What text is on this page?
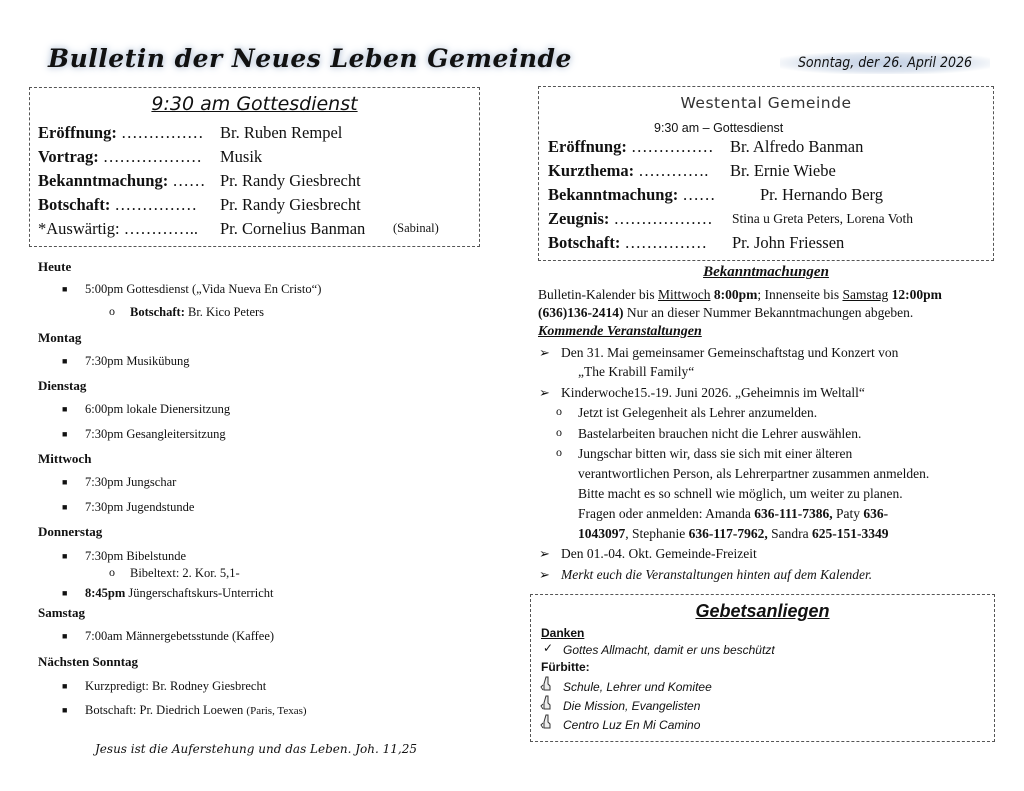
Bulletin der Neues Leben Gemeinde	Sonntag, der 26. April 2026
9:30 am Gottesdienst
Eröffnung: …………… Br. Ruben Rempel
Vortrag: ……………… Musik
Bekanntmachung: …… Pr. Randy Giesbrecht
Botschaft: …………… Pr. Randy Giesbrecht
*Auswärtig: ………….. Pr. Cornelius Banman (Sabinal)
Westental Gemeinde
9:30 am – Gottesdienst
Eröffnung: …………… Br. Alfredo Banman
Kurzthema: …………. Br. Ernie Wiebe
Bekanntmachung: ……	Pr. Hernando Berg
Zeugnis: ……………… Stina u Greta Peters, Lorena Voth
Botschaft: …………… Pr. John Friessen
Heute
■ 5:00pm Gottesdienst („Vida Nueva En Cristo“)
o Botschaft: Br. Kico Peters
Montag
■ 7:30pm Musikübung
Dienstag
■ 6:00pm lokale Dienersitzung
■ 7:30pm Gesangleitersitzung
Mittwoch
■ 7:30pm Jungschar
■ 7:30pm Jugendstunde
Donnerstag
■ 7:30pm Bibelstunde
o Bibeltext: 2. Kor. 5,1-
■ 8:45pm Jüngerschaftskurs-Unterricht
Samstag
■ 7:00am Männergebetsstunde (Kaffee)
Nächsten Sonntag
■ Kurzpredigt: Br. Rodney Giesbrecht
■ Botschaft: Pr. Diedrich Loewen (Paris, Texas)
Jesus ist die Auferstehung und das Leben. Joh. 11,25
Bekanntmachungen
Bulletin-Kalender bis Mittwoch 8:00pm; Innenseite bis Samstag 12:00pm
(636)136-2414) Nur an dieser Nummer Bekanntmachungen abgeben.
Kommende Veranstaltungen
➢ Den 31. Mai gemeinsamer Gemeinschaftstag und Konzert von
„The Krabill Family“
➢ Kinderwoche15.-19. Juni 2026. „Geheimnis im Weltall“
o Jetzt ist Gelegenheit als Lehrer anzumelden.
o Bastelarbeiten brauchen nicht die Lehrer auswählen.
o Jungschar bitten wir, dass sie sich mit einer älteren
verantwortlichen Person, als Lehrerpartner zusammen anmelden.
Bitte macht es so schnell wie möglich, um weiter zu planen.
Fragen oder anmelden: Amanda 636-111-7386, Paty 636-
1043097, Stephanie 636-117-7962, Sandra 625-151-3349
➢ Den 01.-04. Okt. Gemeinde-Freizeit
➢ Merkt euch die Veranstaltungen hinten auf dem Kalender.
Gebetsanliegen
Danken
✓ Gottes Allmacht, damit er uns beschützt
Fürbitte:
Schule, Lehrer und Komitee
Die Mission, Evangelisten
Centro Luz En Mi Camino
